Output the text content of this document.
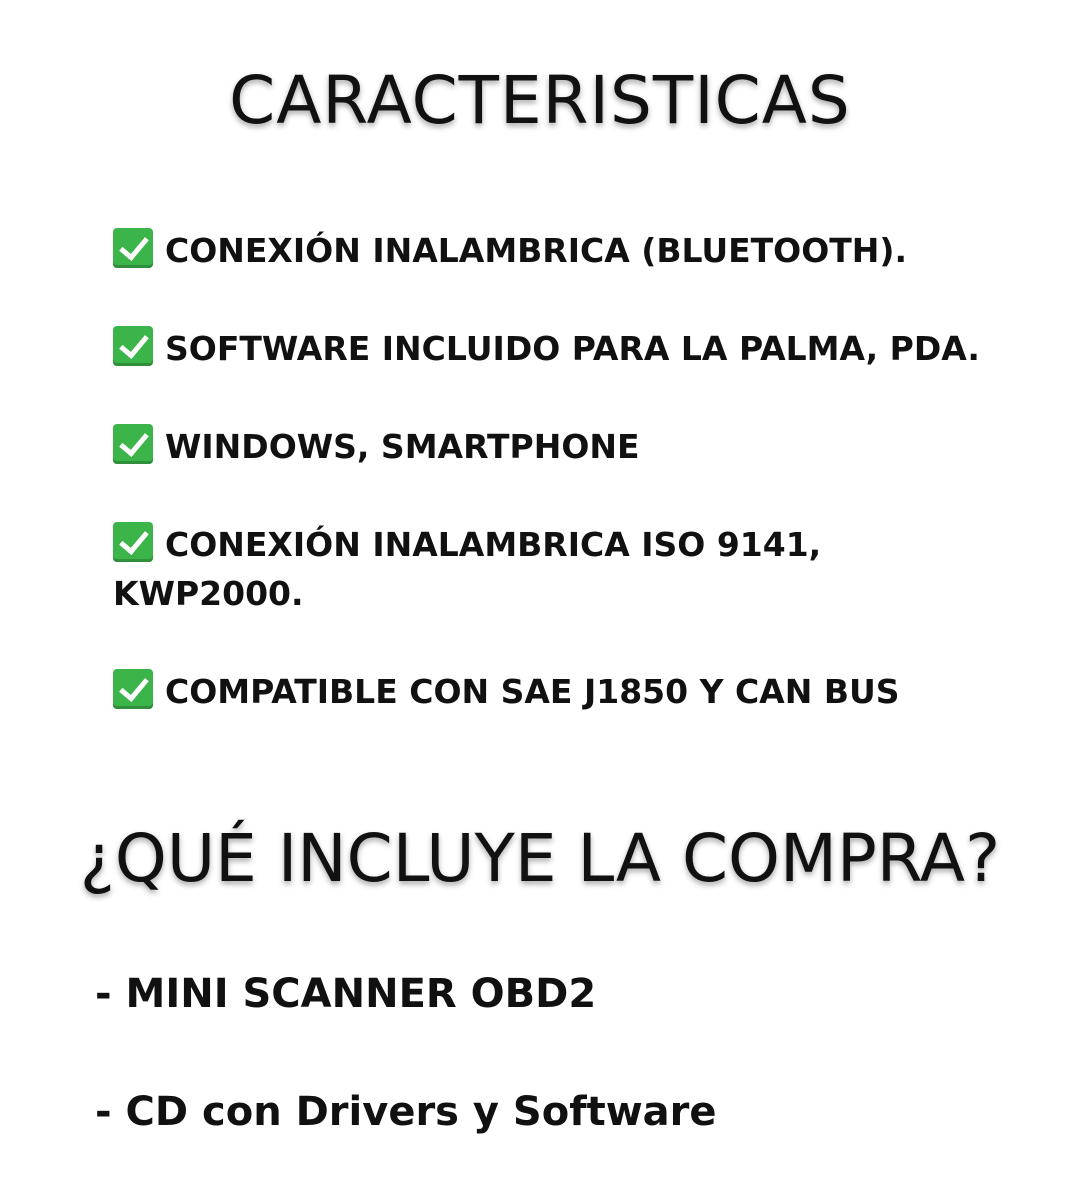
CARACTERISTICAS
CONEXIÓN INALAMBRICA (BLUETOOTH).
SOFTWARE INCLUIDO PARA LA PALMA, PDA.
WINDOWS, SMARTPHONE
CONEXIÓN INALAMBRICA ISO 9141, KWP2000.
COMPATIBLE CON SAE J1850 Y CAN BUS
¿QUÉ INCLUYE LA COMPRA?
- MINI SCANNER OBD2
- CD con Drivers y Software
